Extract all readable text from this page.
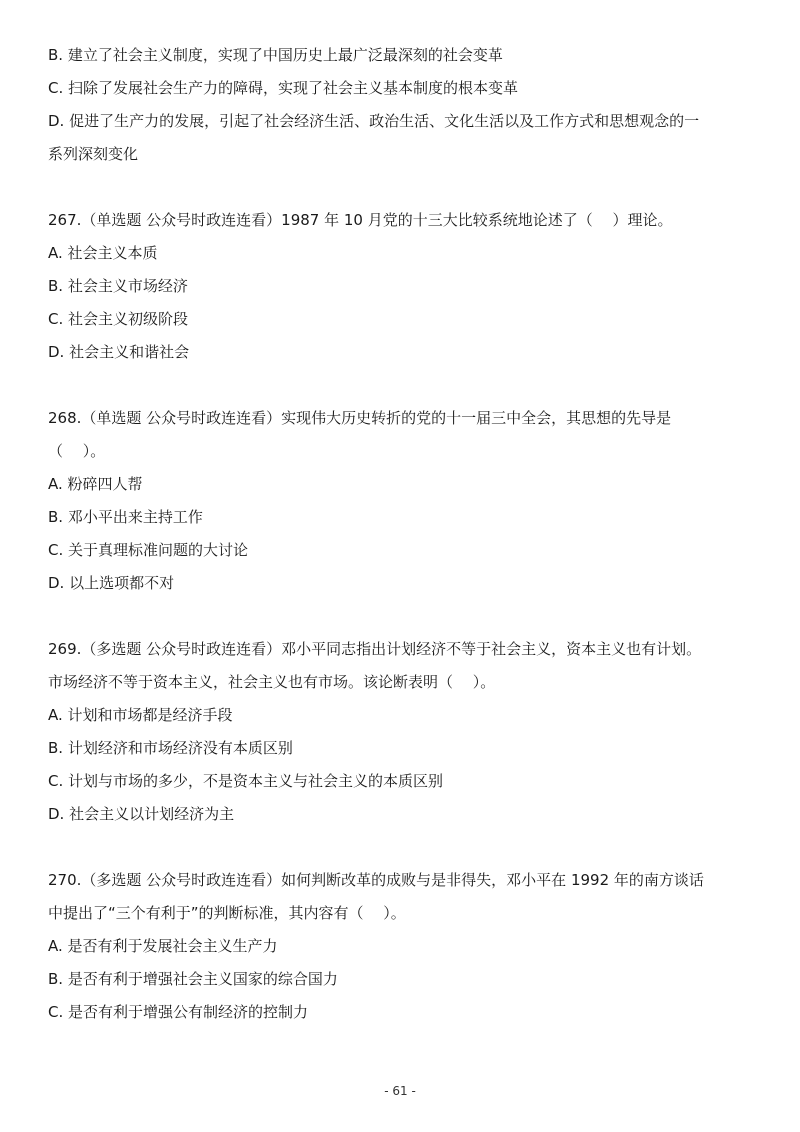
B. 建立了社会主义制度，实现了中国历史上最广泛最深刻的社会变革
C. 扫除了发展社会生产力的障碍，实现了社会主义基本制度的根本变革
D. 促进了生产力的发展，引起了社会经济生活、政治生活、文化生活以及工作方式和思想观念的一
系列深刻变化
267.（单选题 公众号时政连连看）1987 年 10 月党的十三大比较系统地论述了（　 ）理论。
A. 社会主义本质
B. 社会主义市场经济
C. 社会主义初级阶段
D. 社会主义和谐社会
268.（单选题 公众号时政连连看）实现伟大历史转折的党的十一届三中全会，其思想的先导是
（　 ）。
A. 粉碎四人帮
B. 邓小平出来主持工作
C. 关于真理标准问题的大讨论
D. 以上选项都不对
269.（多选题 公众号时政连连看）邓小平同志指出计划经济不等于社会主义，资本主义也有计划。
市场经济不等于资本主义，社会主义也有市场。该论断表明（　 ）。
A. 计划和市场都是经济手段
B. 计划经济和市场经济没有本质区别
C. 计划与市场的多少，不是资本主义与社会主义的本质区别
D. 社会主义以计划经济为主
270.（多选题 公众号时政连连看）如何判断改革的成败与是非得失，邓小平在 1992 年的南方谈话
中提出了“三个有利于”的判断标准，其内容有（　 ）。
A. 是否有利于发展社会主义生产力
B. 是否有利于增强社会主义国家的综合国力
C. 是否有利于增强公有制经济的控制力
- 61 -
